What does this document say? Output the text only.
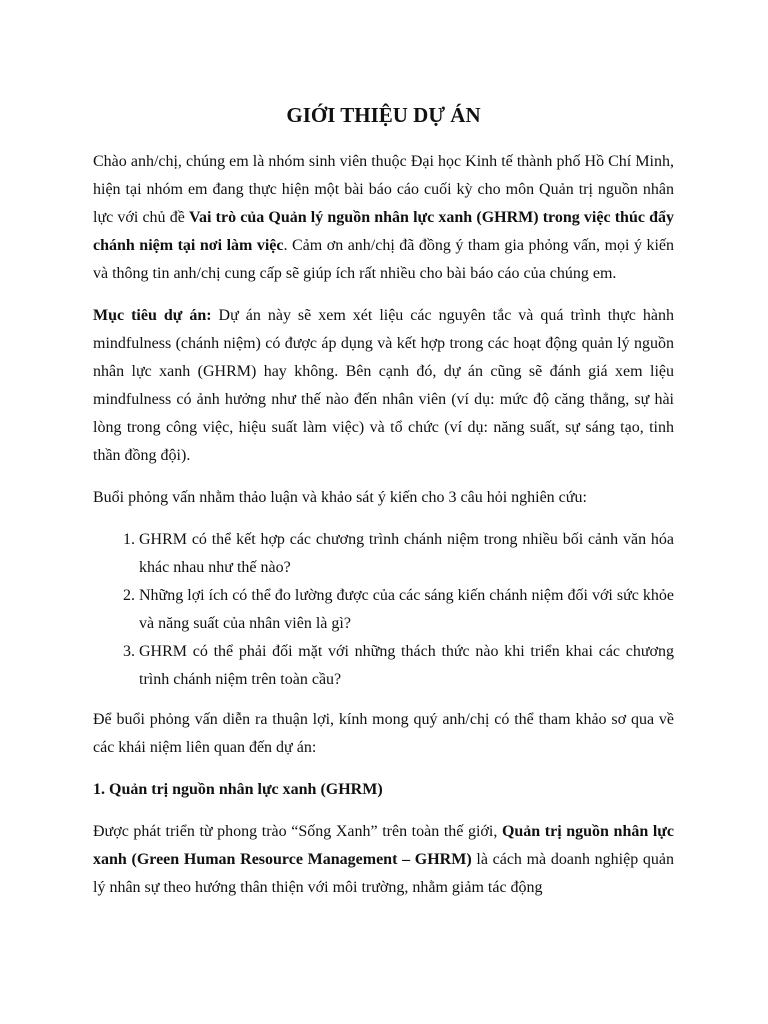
GIỚI THIỆU DỰ ÁN

Chào anh/chị, chúng em là nhóm sinh viên thuộc Đại học Kinh tế thành phố Hồ Chí Minh, hiện tại nhóm em đang thực hiện một bài báo cáo cuối kỳ cho môn Quản trị nguồn nhân lực với chủ đề Vai trò của Quản lý nguồn nhân lực xanh (GHRM) trong việc thúc đẩy chánh niệm tại nơi làm việc. Cảm ơn anh/chị đã đồng ý tham gia phỏng vấn, mọi ý kiến và thông tin anh/chị cung cấp sẽ giúp ích rất nhiều cho bài báo cáo của chúng em.

Mục tiêu dự án: Dự án này sẽ xem xét liệu các nguyên tắc và quá trình thực hành mindfulness (chánh niệm) có được áp dụng và kết hợp trong các hoạt động quản lý nguồn nhân lực xanh (GHRM) hay không. Bên cạnh đó, dự án cũng sẽ đánh giá xem liệu mindfulness có ảnh hưởng như thế nào đến nhân viên (ví dụ: mức độ căng thẳng, sự hài lòng trong công việc, hiệu suất làm việc) và tổ chức (ví dụ: năng suất, sự sáng tạo, tinh thần đồng đội).

Buổi phỏng vấn nhằm thảo luận và khảo sát ý kiến cho 3 câu hỏi nghiên cứu:

1. GHRM có thể kết hợp các chương trình chánh niệm trong nhiều bối cảnh văn hóa khác nhau như thế nào?
2. Những lợi ích có thể đo lường được của các sáng kiến chánh niệm đối với sức khỏe và năng suất của nhân viên là gì?
3. GHRM có thể phải đối mặt với những thách thức nào khi triển khai các chương trình chánh niệm trên toàn cầu?

Để buổi phỏng vấn diễn ra thuận lợi, kính mong quý anh/chị có thể tham khảo sơ qua về các khái niệm liên quan đến dự án:

1. Quản trị nguồn nhân lực xanh (GHRM)

Được phát triển từ phong trào “Sống Xanh” trên toàn thế giới, Quản trị nguồn nhân lực xanh (Green Human Resource Management – GHRM) là cách mà doanh nghiệp quản lý nhân sự theo hướng thân thiện với môi trường, nhằm giảm tác động
